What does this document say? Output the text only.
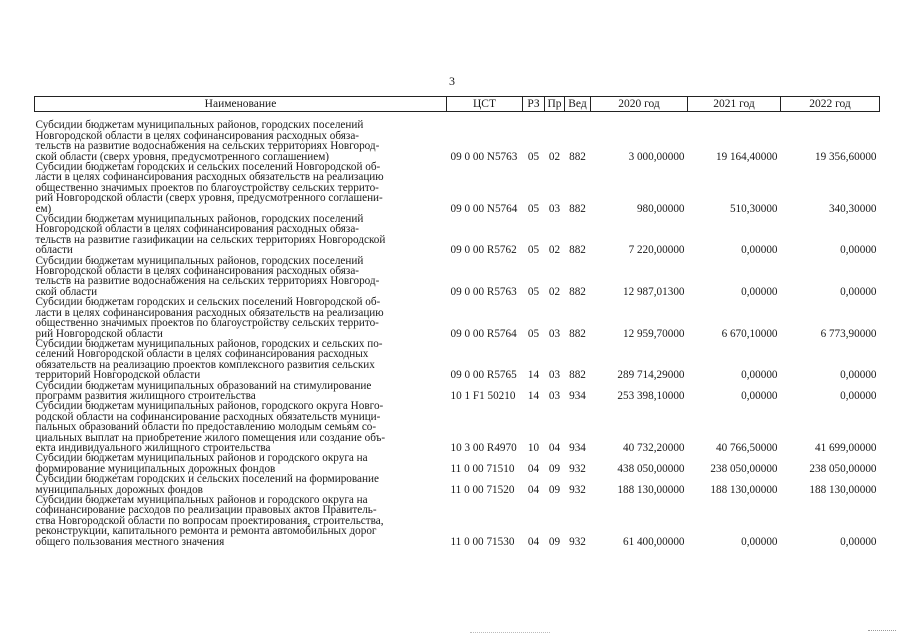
3
Наименование	ЦСТ	РЗ	Пр	Вед	2020 год	2021 год	2022 год

Субсидии бюджетам муниципальных районов, городских поселений
Новгородской области в целях софинансирования расходных обяза-
тельств на развитие водоснабжения на сельских территориях Новгород-
ской области (сверх уровня, предусмотренного соглашением)	09 0 00 N5763	05	02	882	3 000,00000	19 164,40000	19 356,60000

Субсидии бюджетам городских и сельских поселений Новгородской об-
ласти в целях софинансирования расходных обязательств на реализацию
общественно значимых проектов по благоустройству сельских террито-
рий Новгородской области (сверх уровня, предусмотренного соглашени-
ем)	09 0 00 N5764	05	03	882	980,00000	510,30000	340,30000

Субсидии бюджетам муниципальных районов, городских поселений
Новгородской области в целях софинансирования расходных обяза-
тельств на развитие газификации на сельских территориях Новгородской
области	09 0 00 R5762	05	02	882	7 220,00000	0,00000	0,00000

Субсидии бюджетам муниципальных районов, городских поселений
Новгородской области в целях софинансирования расходных обяза-
тельств на развитие водоснабжения на сельских территориях Новгород-
ской области	09 0 00 R5763	05	02	882	12 987,01300	0,00000	0,00000

Субсидии бюджетам городских и сельских поселений Новгородской об-
ласти в целях софинансирования расходных обязательств на реализацию
общественно значимых проектов по благоустройству сельских террито-
рий Новгородской области	09 0 00 R5764	05	03	882	12 959,70000	6 670,10000	6 773,90000

Субсидии бюджетам муниципальных районов, городских и сельских по-
селений Новгородской области в целях софинансирования расходных
обязательств на реализацию проектов комплексного развития сельских
территорий Новгородской области	09 0 00 R5765	14	03	882	289 714,29000	0,00000	0,00000

Субсидии бюджетам муниципальных образований на стимулирование
программ развития жилищного строительства	10 1 F1 50210	14	03	934	253 398,10000	0,00000	0,00000

Субсидии бюджетам муниципальных районов, городского округа Новго-
родской области на софинансирование расходных обязательств муници-
пальных образований области по предоставлению молодым семьям со-
циальных выплат на приобретение жилого помещения или создание объ-
екта индивидуального жилищного строительства	10 3 00 R4970	10	04	934	40 732,20000	40 766,50000	41 699,00000

Субсидии бюджетам муниципальных районов и городского округа на
формирование муниципальных дорожных фондов	11 0 00 71510	04	09	932	438 050,00000	238 050,00000	238 050,00000

Субсидии бюджетам городских и сельских поселений на формирование
муниципальных дорожных фондов	11 0 00 71520	04	09	932	188 130,00000	188 130,00000	188 130,00000

Субсидии бюджетам муниципальных районов и городского округа на
софинансирование расходов по реализации правовых актов Правитель-
ства Новгородской области по вопросам проектирования, строительства,
реконструкции, капитального ремонта и ремонта автомобильных дорог
общего пользования местного значения	11 0 00 71530	04	09	932	61 400,00000	0,00000	0,00000
